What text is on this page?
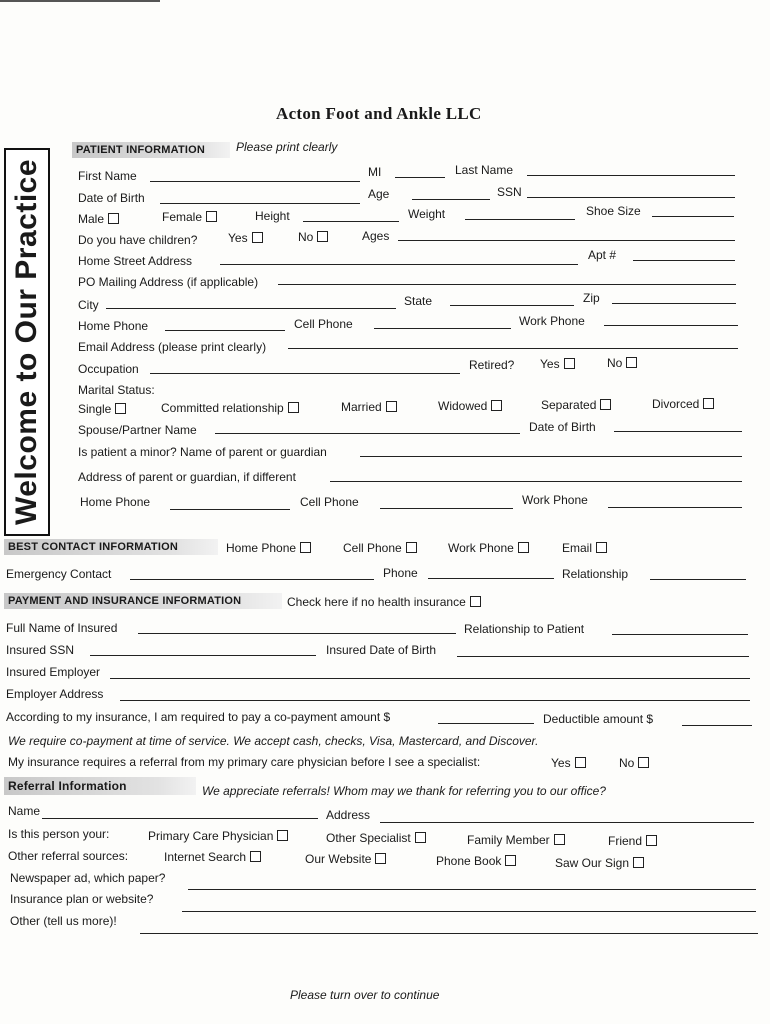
Acton Foot and Ankle LLC
Welcome to Our Practice
PATIENT INFORMATION	Please print clearly
First Name	MI	Last Name
Date of Birth	Age	SSN
Male	Female	Height	Weight	Shoe Size
Do you have children?	Yes	No	Ages
Home Street Address	Apt #
PO Mailing Address (if applicable)
City	State	Zip
Home Phone	Cell Phone	Work Phone
Email Address (please print clearly)
Occupation	Retired? Yes	No
Marital Status:
Single	Committed relationship	Married	Widowed	Separated	Divorced
Spouse/Partner Name	Date of Birth
Is patient a minor? Name of parent or guardian
Address of parent or guardian, if different
Home Phone	Cell Phone	Work Phone
BEST CONTACT INFORMATION	Home Phone	Cell Phone	Work Phone	Email
Emergency Contact	Phone	Relationship
PAYMENT AND INSURANCE INFORMATION	Check here if no health insurance
Full Name of Insured	Relationship to Patient
Insured SSN	Insured Date of Birth
Insured Employer
Employer Address
According to my insurance, I am required to pay a co-payment amount $	Deductible amount $
We require co-payment at time of service. We accept cash, checks, Visa, Mastercard, and Discover.
My insurance requires a referral from my primary care physician before I see a specialist:	Yes	No
Referral Information	We appreciate referrals! Whom may we thank for referring you to our office?
Name	Address
Is this person your:	Primary Care Physician	Other Specialist	Family Member	Friend
Other referral sources:	Internet Search	Our Website	Phone Book	Saw Our Sign
Newspaper ad, which paper?
Insurance plan or website?
Other (tell us more)!
Please turn over to continue
